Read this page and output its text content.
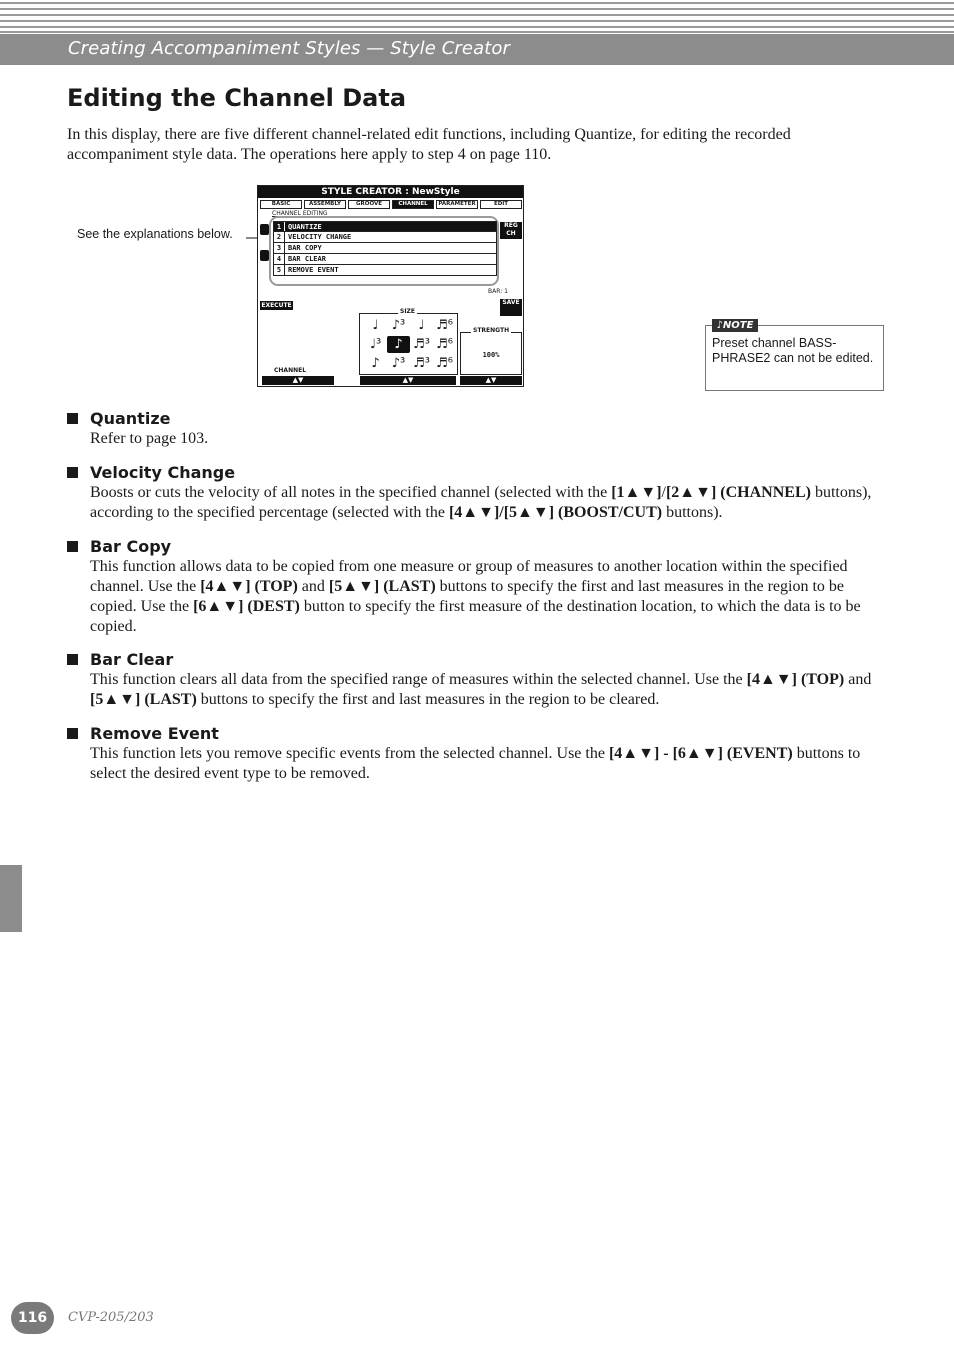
Creating Accompaniment Styles — Style Creator
Editing the Channel Data

In this display, there are five different channel-related edit functions, including Quantize, for editing the recorded accompaniment style data. The operations here apply to step 4 on page 110.

See the explanations below.
STYLE CREATOR : NewStyle
BASIC	ASSEMBLY	GROOVE	CHANNEL	PARAMETER	EDIT
CHANNEL EDITING
1 QUANTIZE
2 VELOCITY CHANGE
3 BAR COPY
4 BAR CLEAR
5 REMOVE EVENT
REG CH
BAR: 1
SAVE
EXECUTE
SIZE
♩	♪³	♩ ♬⁶
♩³	♪ ♬³ ♬⁶
♪ ♪³ ♬³ ♬⁶
STRENGTH
100%
CHANNEL
▲▼	▲▼	▲▼
♪NOTE
Preset channel BASS-PHRASE2 can not be edited.
Quantize

Refer to page 103.

Velocity Change

Boosts or cuts the velocity of all notes in the specified channel (selected with the [1▲▼]/[2▲▼] (CHANNEL) buttons), according to the specified percentage (selected with the [4▲▼]/[5▲▼] (BOOST/CUT) buttons).

Bar Copy

This function allows data to be copied from one measure or group of measures to another location within the specified channel. Use the [4▲▼] (TOP) and [5▲▼] (LAST) buttons to specify the first and last measures in the region to be copied. Use the [6▲▼] (DEST) button to specify the first measure of the destination location, to which the data is to be copied.

Bar Clear

This function clears all data from the specified range of measures within the selected channel. Use the [4▲▼] (TOP) and [5▲▼] (LAST) buttons to specify the first and last measures in the region to be cleared.

Remove Event

This function lets you remove specific events from the selected channel. Use the [4▲▼] - [6▲▼] (EVENT) buttons to select the desired event type to be removed.

116	CVP-205/203
